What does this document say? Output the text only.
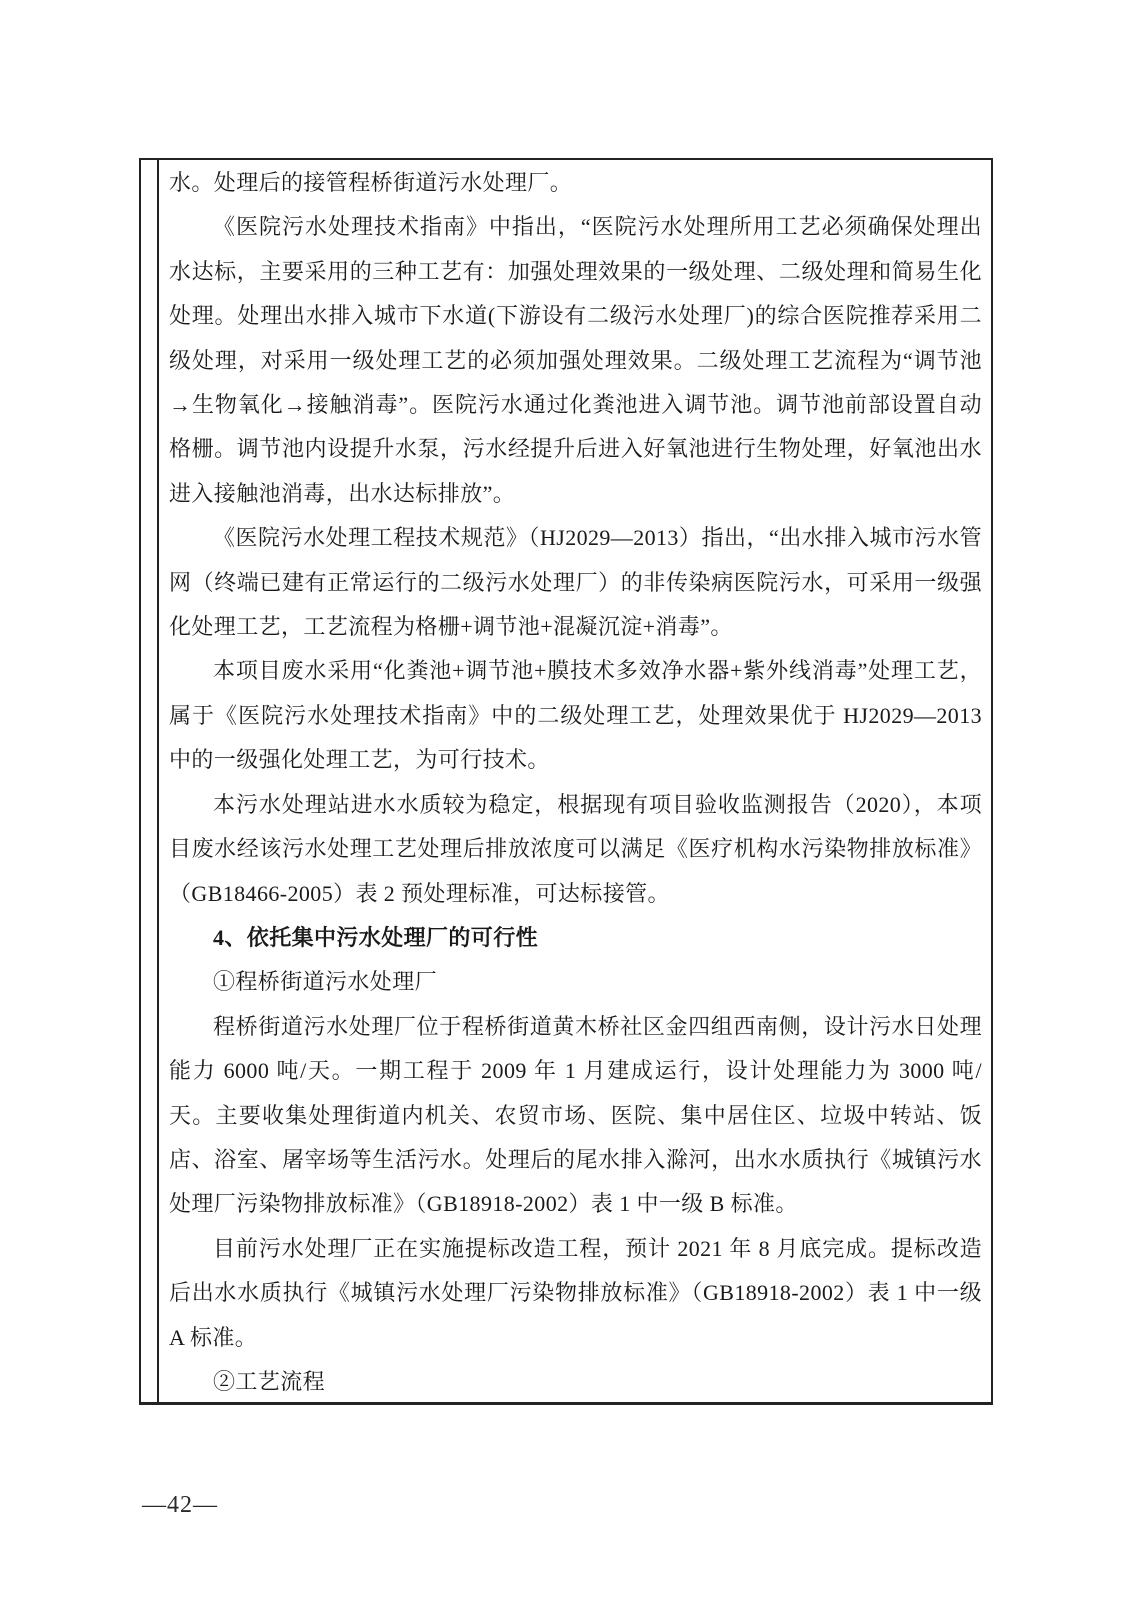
水。处理后的接管程桥街道污水处理厂。

《医院污水处理技术指南》中指出，“医院污水处理所用工艺必须确保处理出水达标，主要采用的三种工艺有：加强处理效果的一级处理、二级处理和简易生化处理。处理出水排入城市下水道(下游设有二级污水处理厂)的综合医院推荐采用二级处理，对采用一级处理工艺的必须加强处理效果。二级处理工艺流程为“调节池→生物氧化→接触消毒”。医院污水通过化粪池进入调节池。调节池前部设置自动格栅。调节池内设提升水泵，污水经提升后进入好氧池进行生物处理，好氧池出水进入接触池消毒，出水达标排放”。

《医院污水处理工程技术规范》（HJ2029—2013）指出，“出水排入城市污水管网（终端已建有正常运行的二级污水处理厂）的非传染病医院污水，可采用一级强化处理工艺，工艺流程为格栅+调节池+混凝沉淀+消毒”。

本项目废水采用“化粪池+调节池+膜技术多效净水器+紫外线消毒”处理工艺，属于《医院污水处理技术指南》中的二级处理工艺，处理效果优于 HJ2029—2013 中的一级强化处理工艺，为可行技术。

本污水处理站进水水质较为稳定，根据现有项目验收监测报告（2020），本项目废水经该污水处理工艺处理后排放浓度可以满足《医疗机构水污染物排放标准》（GB18466-2005）表 2 预处理标准，可达标接管。

4、依托集中污水处理厂的可行性

①程桥街道污水处理厂

程桥街道污水处理厂位于程桥街道黄木桥社区金四组西南侧，设计污水日处理能力 6000 吨/天。一期工程于 2009 年 1 月建成运行，设计处理能力为 3000 吨/天。主要收集处理街道内机关、农贸市场、医院、集中居住区、垃圾中转站、饭店、浴室、屠宰场等生活污水。处理后的尾水排入滁河，出水水质执行《城镇污水处理厂污染物排放标准》（GB18918-2002）表 1 中一级 B 标准。

目前污水处理厂正在实施提标改造工程，预计 2021 年 8 月底完成。提标改造后出水水质执行《城镇污水处理厂污染物排放标准》（GB18918-2002）表 1 中一级 A 标准。

②工艺流程

—42—
